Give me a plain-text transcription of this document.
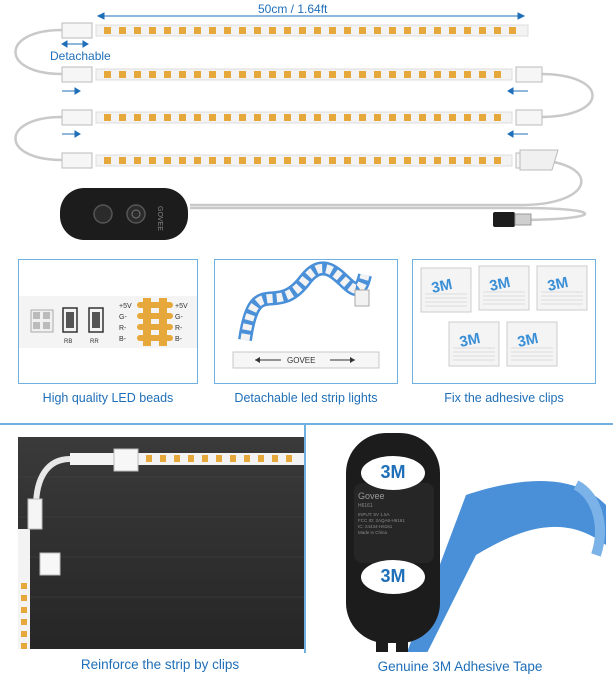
50cm / 1.64ft
Detachable
GOVEE
RB	RR
+5V	+5V
G-	G-
R-	R-
B-	B-
High quality LED beads
GOVEE
Detachable led strip lights
3M 3M 3M
3M 3M
Fix the adhesive clips
3M
3M
Govee
H6161
INPUT: 5V 1.5A
FCC ID: 2AQA6-H6161
IC: 24434-H6161
Made in China
Reinforce the strip by clips	Genuine 3M Adhesive Tape
